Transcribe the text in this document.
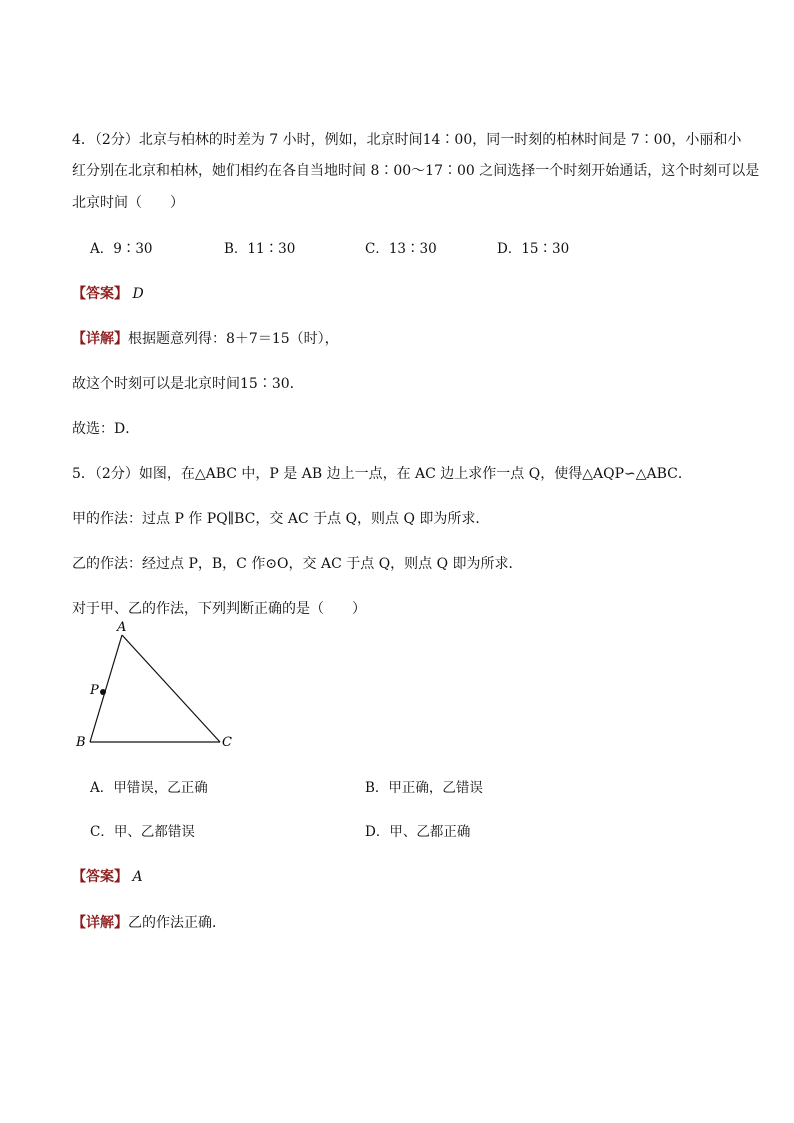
4．（2分）北京与柏林的时差为 7 小时，例如，北京时间14∶00，同一时刻的柏林时间是 7∶00，小丽和小
红分别在北京和柏林，她们相约在各自当地时间 8∶00～17∶00 之间选择一个时刻开始通话，这个时刻可以是
北京时间（　　）
A．9∶30	B．11∶30	C．13∶30	D．15∶30
【答案】 D
【详解】根据题意列得：8＋7＝15（时），
故这个时刻可以是北京时间15∶30．
故选：D．
5．（2分）如图，在△ABC 中，P 是 AB 边上一点，在 AC 边上求作一点 Q，使得△AQP∽△ABC．
甲的作法：过点 P 作 PQ∥BC，交 AC 于点 Q，则点 Q 即为所求．
乙的作法：经过点 P，B，C 作⊙O，交 AC 于点 Q，则点 Q 即为所求．
对于甲、乙的作法，下列判断正确的是（　　）
A
P
B	C
A．甲错误，乙正确	B．甲正确，乙错误
C．甲、乙都错误	D．甲、乙都正确
【答案】 A
【详解】乙的作法正确．
